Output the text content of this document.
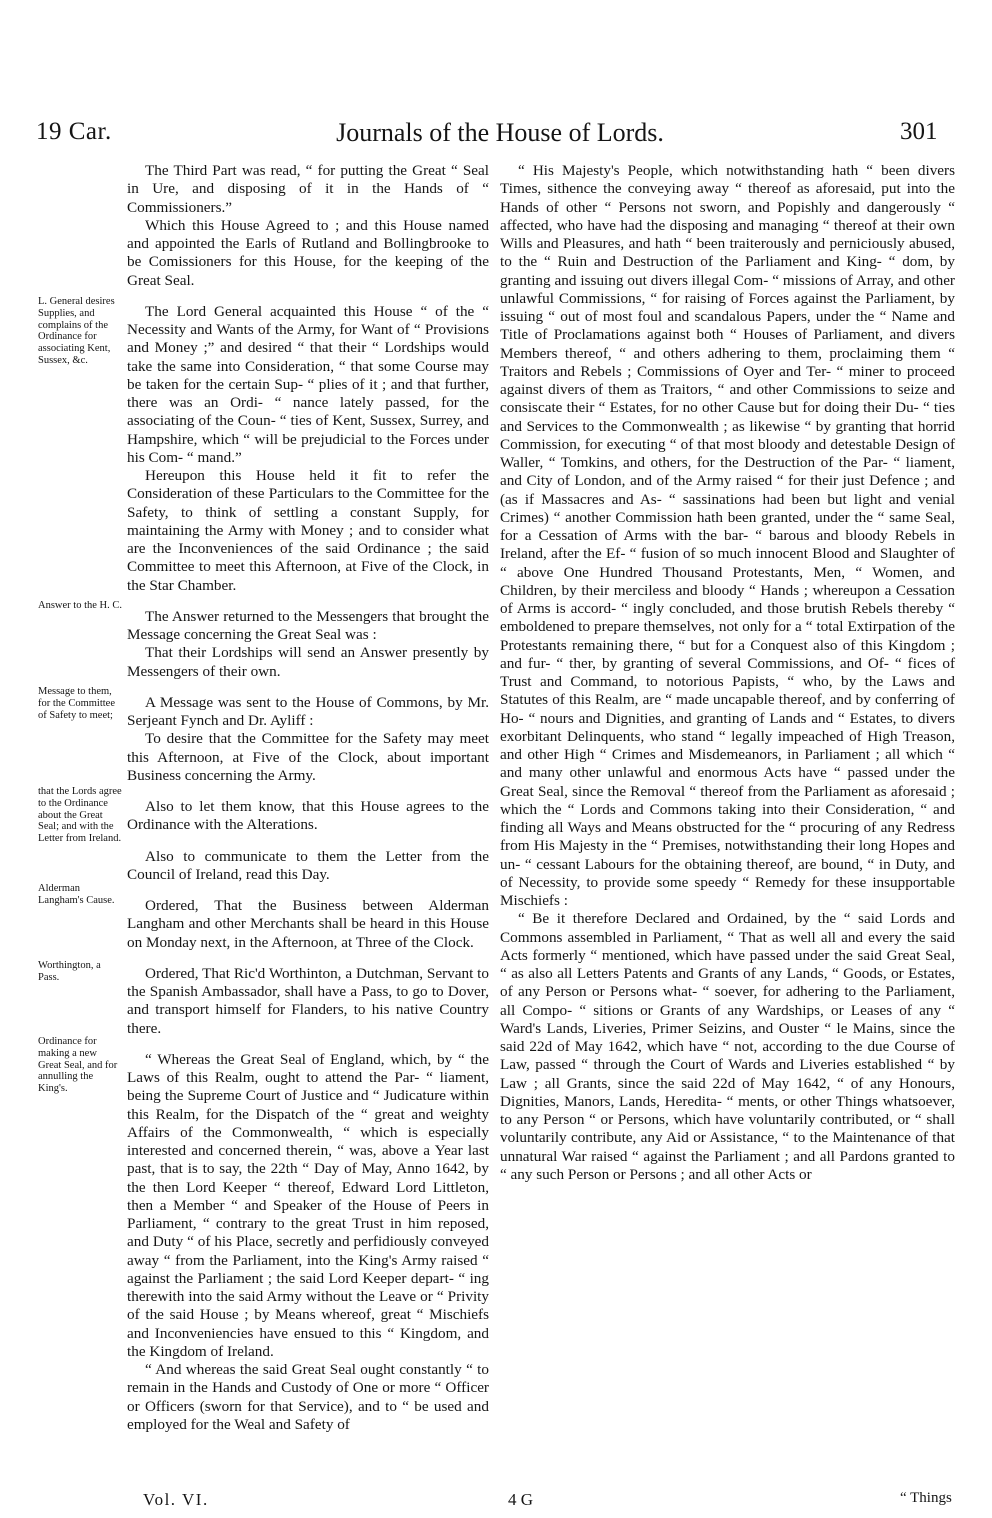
19 Car.	Journals of the House of Lords.	301
L. General desires Supplies, and complains of the Ordinance for associating Kent, Sussex, &c.
Answer to the H. C.
Message to them, for the Committee of Safety to meet;
that the Lords agree to the Ordinance about the Great Seal; and with the Letter from Ireland.
Alderman Langham's Cause.
Worthington, a Pass.
Ordinance for making a new Great Seal, and for annulling the King's.

The Third Part was read, “ for putting the Great “ Seal in Ure, and disposing of it in the Hands of “ Commissioners.”

Which this House Agreed to ; and this House named and appointed the Earls of Rutland and Bollingbrooke to be Comissioners for this House, for the keeping of the Great Seal.

The Lord General acquainted this House “ of the “ Necessity and Wants of the Army, for Want of “ Provisions and Money ;” and desired “ that their “ Lordships would take the same into Consideration, “ that some Course may be taken for the certain Sup- “ plies of it ; and that further, there was an Ordi- “ nance lately passed, for the associating of the Coun- “ ties of Kent, Sussex, Surrey, and Hampshire, which “ will be prejudicial to the Forces under his Com- “ mand.”

Hereupon this House held it fit to refer the Consideration of these Particulars to the Committee for the Safety, to think of settling a constant Supply, for maintaining the Army with Money ; and to consider what are the Inconveniences of the said Ordinance ; the said Committee to meet this Afternoon, at Five of the Clock, in the Star Chamber.

The Answer returned to the Messengers that brought the Message concerning the Great Seal was :

That their Lordships will send an Answer presently by Messengers of their own.

A Message was sent to the House of Commons, by Mr. Serjeant Fynch and Dr. Ayliff :

To desire that the Committee for the Safety may meet this Afternoon, at Five of the Clock, about important Business concerning the Army.

Also to let them know, that this House agrees to the Ordinance with the Alterations.

Also to communicate to them the Letter from the Council of Ireland, read this Day.

Ordered, That the Business between Alderman Langham and other Merchants shall be heard in this House on Monday next, in the Afternoon, at Three of the Clock.

Ordered, That Ric'd Worthinton, a Dutchman, Servant to the Spanish Ambassador, shall have a Pass, to go to Dover, and transport himself for Flanders, to his native Country there.

“ Whereas the Great Seal of England, which, by “ the Laws of this Realm, ought to attend the Par- “ liament, being the Supreme Court of Justice and “ Judicature within this Realm, for the Dispatch of the “ great and weighty Affairs of the Commonwealth, “ which is especially interested and concerned therein, “ was, above a Year last past, that is to say, the 22th “ Day of May, Anno 1642, by the then Lord Keeper “ thereof, Edward Lord Littleton, then a Member “ and Speaker of the House of Peers in Parliament, “ contrary to the great Trust in him reposed, and Duty “ of his Place, secretly and perfidiously conveyed away “ from the Parliament, into the King's Army raised “ against the Parliament ; the said Lord Keeper depart- “ ing therewith into the said Army without the Leave or “ Privity of the said House ; by Means whereof, great “ Mischiefs and Inconveniencies have ensued to this “ Kingdom, and the Kingdom of Ireland.

“ And whereas the said Great Seal ought constantly “ to remain in the Hands and Custody of One or more “ Officer or Officers (sworn for that Service), and to “ be used and employed for the Weal and Safety of

“ His Majesty's People, which notwithstanding hath “ been divers Times, sithence the conveying away “ thereof as aforesaid, put into the Hands of other “ Persons not sworn, and Popishly and dangerously “ affected, who have had the disposing and managing “ thereof at their own Wills and Pleasures, and hath “ been traiterously and perniciously abused, to the “ Ruin and Destruction of the Parliament and King- “ dom, by granting and issuing out divers illegal Com- “ missions of Array, and other unlawful Commissions, “ for raising of Forces against the Parliament, by issuing “ out of most foul and scandalous Papers, under the “ Name and Title of Proclamations against both “ Houses of Parliament, and divers Members thereof, “ and others adhering to them, proclaiming them “ Traitors and Rebels ; Commissions of Oyer and Ter- “ miner to proceed against divers of them as Traitors, “ and other Commissions to seize and consiscate their “ Estates, for no other Cause but for doing their Du- “ ties and Services to the Commonwealth ; as likewise “ by granting that horrid Commission, for executing “ of that most bloody and detestable Design of Waller, “ Tomkins, and others, for the Destruction of the Par- “ liament, and City of London, and of the Army raised “ for their just Defence ; and (as if Massacres and As- “ sassinations had been but light and venial Crimes) “ another Commission hath been granted, under the “ same Seal, for a Cessation of Arms with the bar- “ barous and bloody Rebels in Ireland, after the Ef- “ fusion of so much innocent Blood and Slaughter of “ above One Hundred Thousand Protestants, Men, “ Women, and Children, by their merciless and bloody “ Hands ; whereupon a Cessation of Arms is accord- “ ingly concluded, and those brutish Rebels thereby “ emboldened to prepare themselves, not only for a “ total Extirpation of the Protestants remaining there, “ but for a Conquest also of this Kingdom ; and fur- “ ther, by granting of several Commissions, and Of- “ fices of Trust and Command, to notorious Papists, “ who, by the Laws and Statutes of this Realm, are “ made uncapable thereof, and by conferring of Ho- “ nours and Dignities, and granting of Lands and “ Estates, to divers exorbitant Delinquents, who stand “ legally impeached of High Treason, and other High “ Crimes and Misdemeanors, in Parliament ; all which “ and many other unlawful and enormous Acts have “ passed under the Great Seal, since the Removal “ thereof from the Parliament as aforesaid ; which the “ Lords and Commons taking into their Consideration, “ and finding all Ways and Means obstructed for the “ procuring of any Redress from His Majesty in the “ Premises, notwithstanding their long Hopes and un- “ cessant Labours for the obtaining thereof, are bound, “ in Duty, and of Necessity, to provide some speedy “ Remedy for these insupportable Mischiefs :

“ Be it therefore Declared and Ordained, by the “ said Lords and Commons assembled in Parliament, “ That as well all and every the said Acts formerly “ mentioned, which have passed under the said Great Seal, “ as also all Letters Patents and Grants of any Lands, “ Goods, or Estates, of any Person or Persons what- “ soever, for adhering to the Parliament, all Compo- “ sitions or Grants of any Wardships, or Leases of any “ Ward's Lands, Liveries, Primer Seizins, and Ouster “ le Mains, since the said 22d of May 1642, which have “ not, according to the due Course of Law, passed “ through the Court of Wards and Liveries established “ by Law ; all Grants, since the said 22d of May 1642, “ of any Honours, Dignities, Manors, Lands, Heredita- “ ments, or other Things whatsoever, to any Person “ or Persons, which have voluntarily contributed, or “ shall voluntarily contribute, any Aid or Assistance, “ to the Maintenance of that unnatural War raised “ against the Parliament ; and all Pardons granted to “ any such Person or Persons ; and all other Acts or

Vol. VI.	4 G	“ Things
